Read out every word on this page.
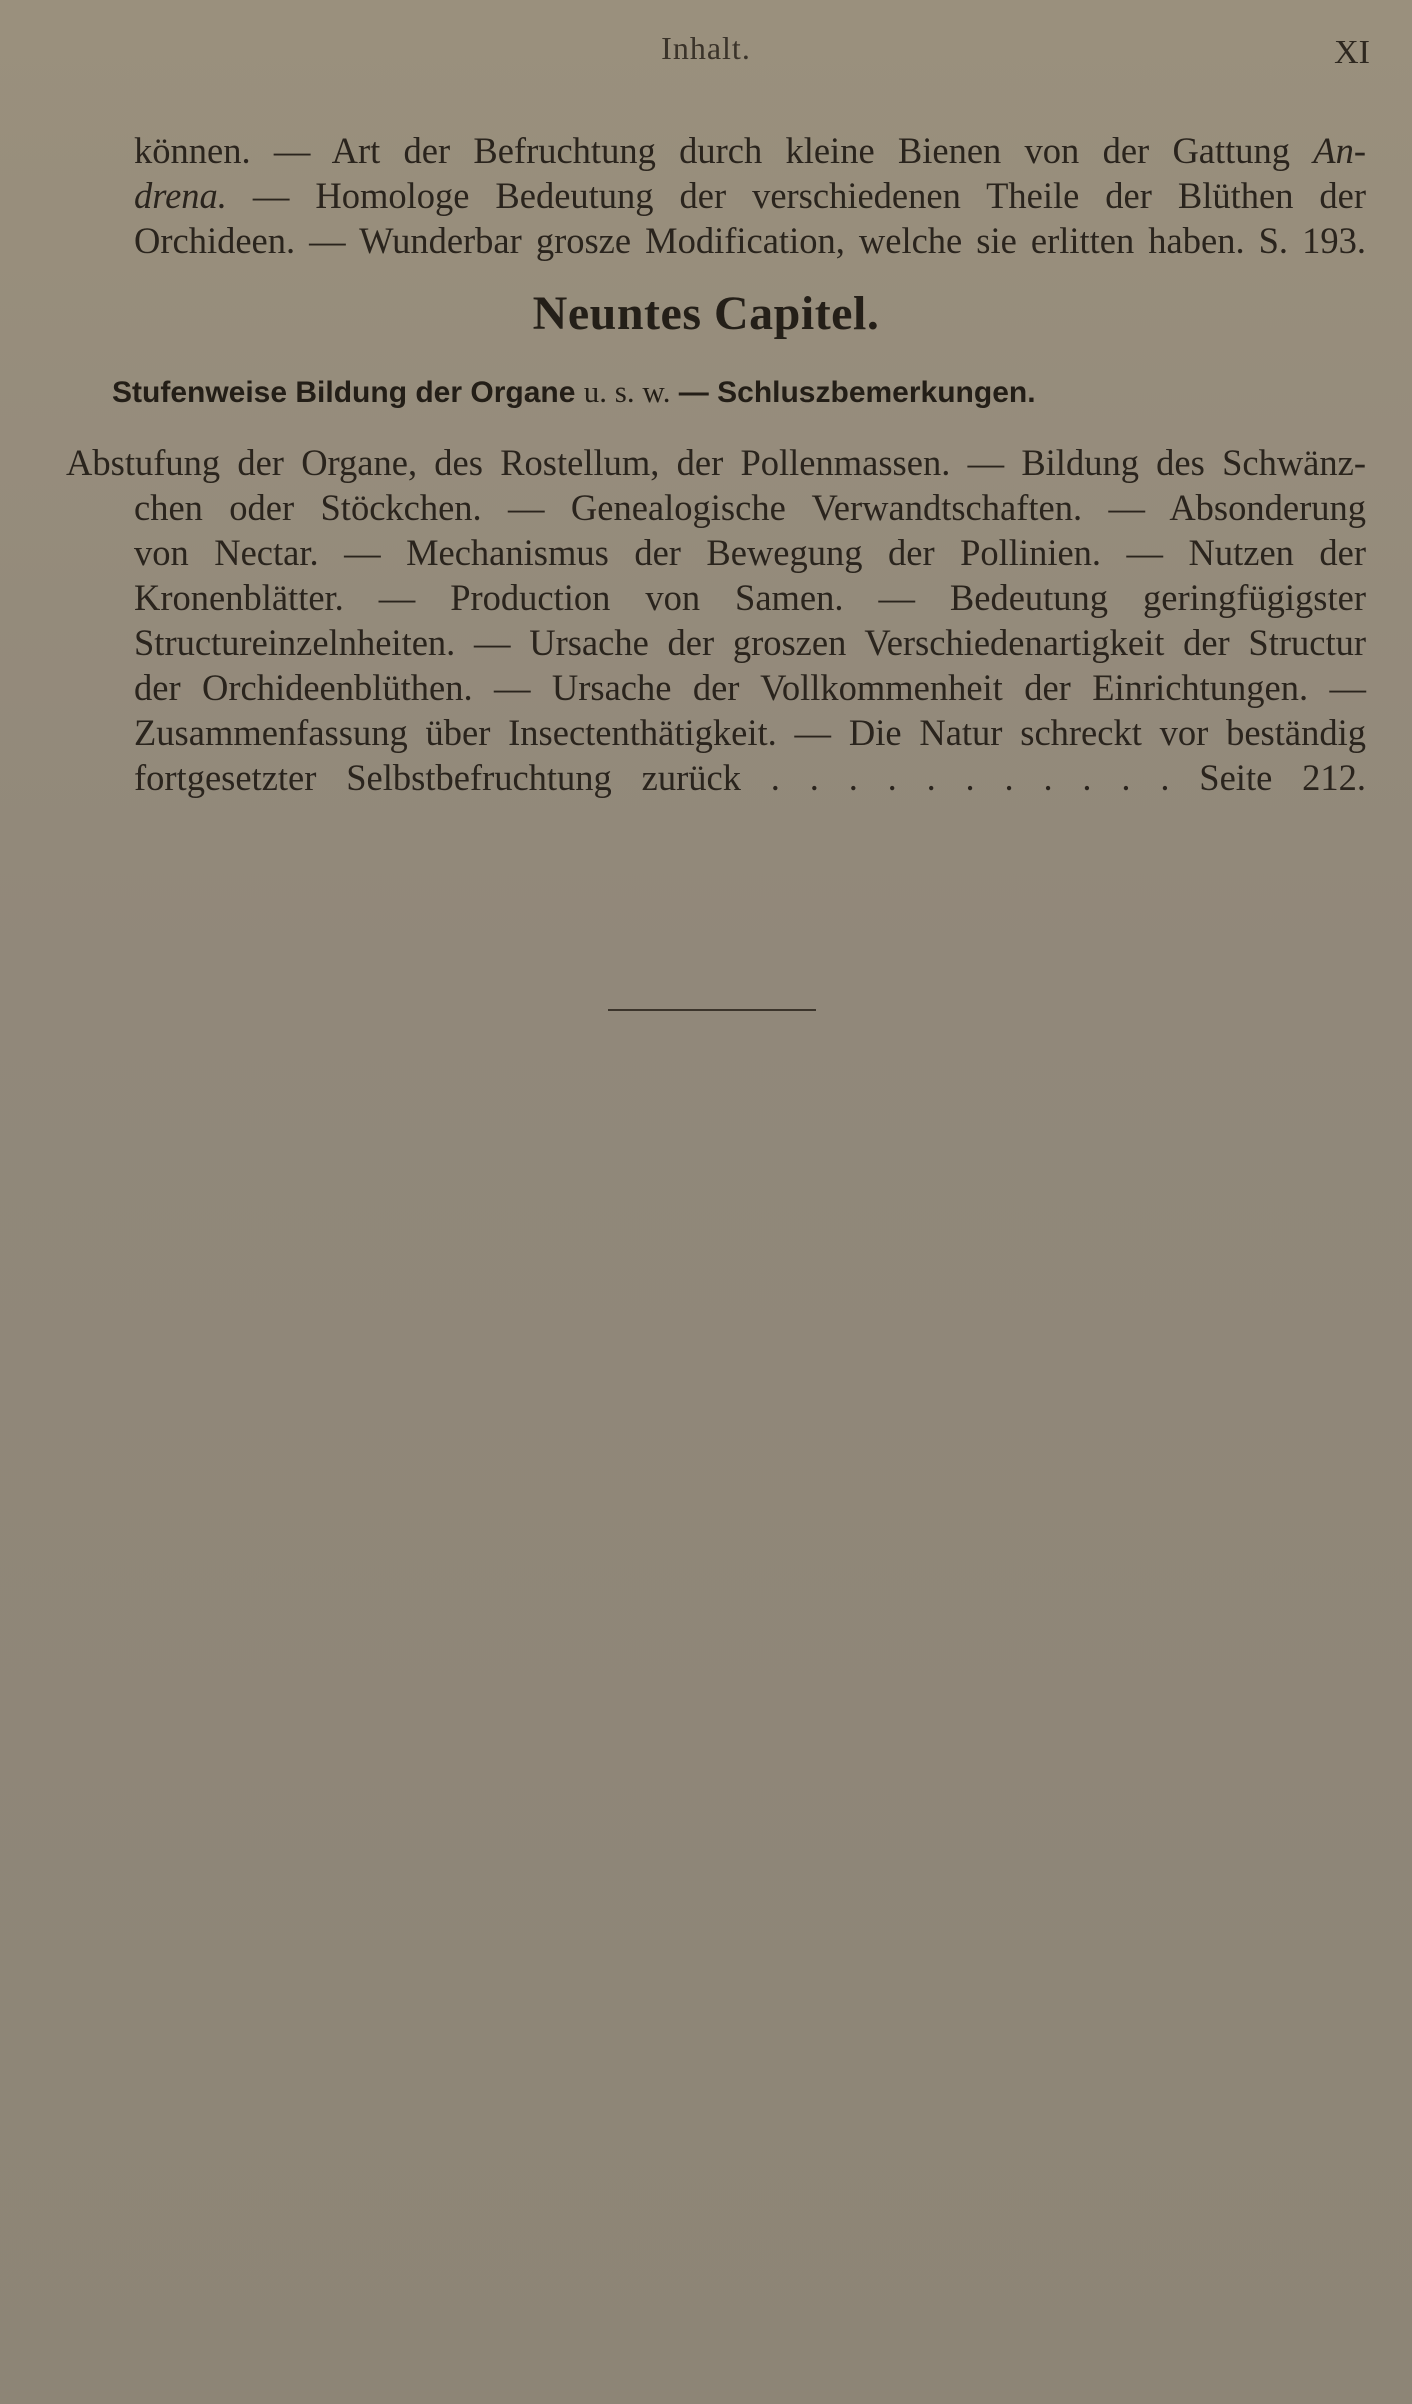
Inhalt.	XI
können. — Art der Befruchtung durch kleine Bienen von der Gattung An-
drena. — Homologe Bedeutung der verschiedenen Theile der Blüthen der
Orchideen. — Wunderbar grosze Modification, welche sie erlitten haben. S. 193.
Neuntes Capitel.
Stufenweise Bildung der Organe u. s. w. — Schluszbemerkungen.
Abstufung der Organe, des Rostellum, der Pollenmassen. — Bildung des Schwänz-
chen oder Stöckchen. — Genealogische Verwandtschaften. — Absonderung
von Nectar. — Mechanismus der Bewegung der Pollinien. — Nutzen der
Kronenblätter. — Production von Samen. — Bedeutung geringfügigster
Structureinzelnheiten. — Ursache der groszen Verschiedenartigkeit der Structur
der Orchideenblüthen. — Ursache der Vollkommenheit der Einrichtungen. —
Zusammenfassung über Insectenthätigkeit. — Die Natur schreckt vor beständig
fortgesetzter Selbstbefruchtung zurück . . . . . . . . . . . Seite 212.
